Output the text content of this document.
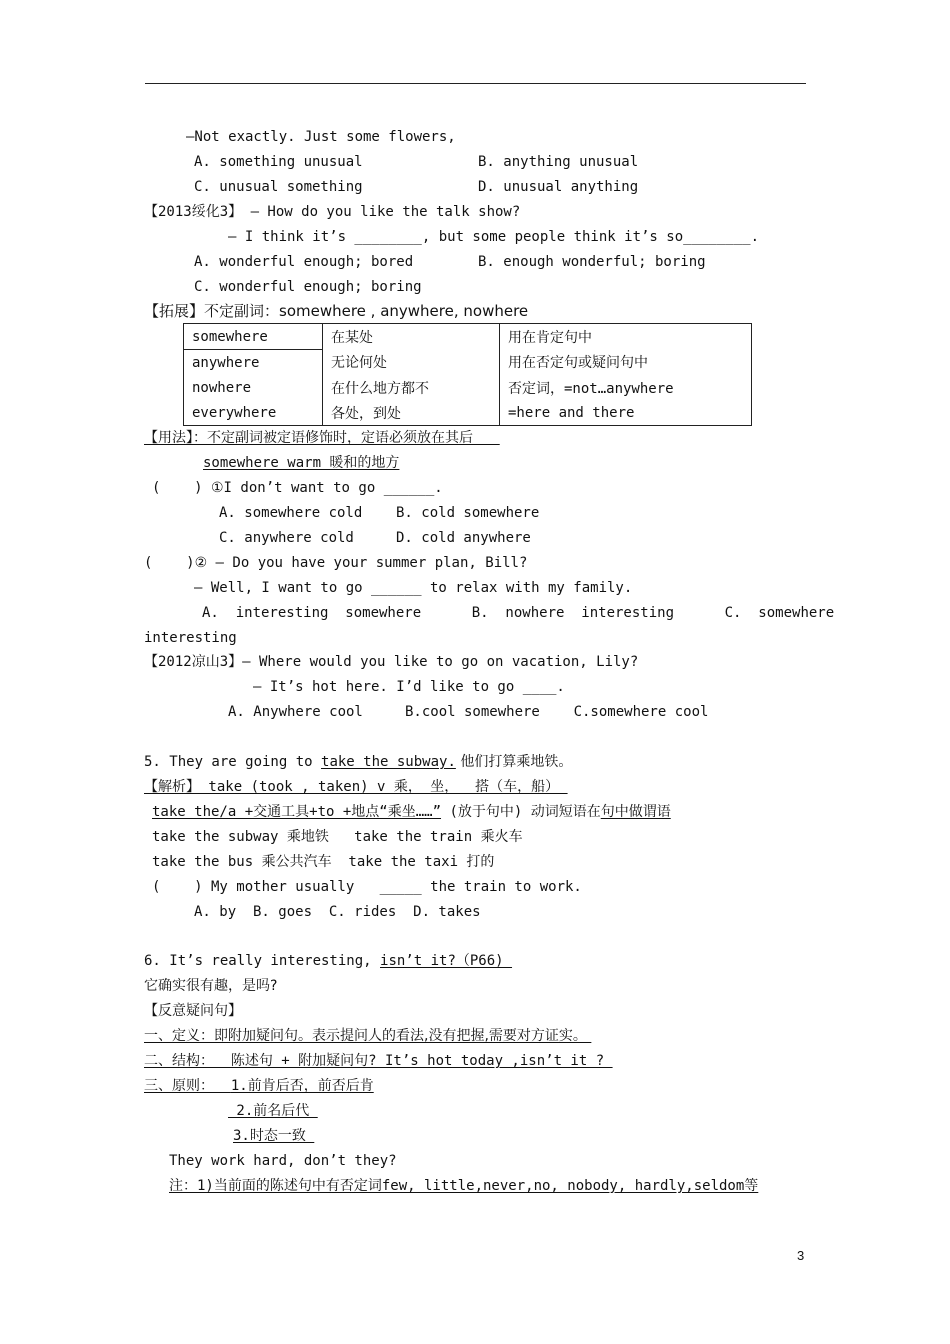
—Not exactly. Just some flowers,
A. something unusual	B. anything unusual
C. unusual something	D. unusual anything
【2013绥化3】 — How do you like the talk show?
— I think it’s ________, but some people think it’s so________.
A. wonderful enough; bored	B. enough wonderful; boring
C. wonderful enough; boring
【拓展】不定副词：somewhere , anywhere, nowhere
somewhere	在某处	用在肯定句中
anywhere	无论何处	用在否定句或疑问句中
nowhere	在什么地方都不	否定词，=not…anywhere
everywhere	各处，到处	=here and there
【用法】：不定副词被定语修饰时，定语必须放在其后
somewhere warm 暖和的地方
(    ) ①I don’t want to go ______.
A. somewhere cold    B. cold somewhere
C. anywhere cold     D. cold anywhere
(    )② — Do you have your summer plan, Bill?
— Well, I want to go ______ to relax with my family.
A.  interesting  somewhere      B.  nowhere  interesting      C.  somewhere
interesting
【2012凉山3】— Where would you like to go on vacation, Lily?
— It’s hot here. I’d like to go ____.
A. Anywhere cool     B.cool somewhere    C.somewhere cool
5. They are going to take the subway. 他们打算乘地铁。
【解析】 take (took , taken) v 乘， 坐，  搭（车，船）
take the/a +交通工具+to +地点“乘坐……” (放于句中) 动词短语在句中做谓语
take the subway 乘地铁   take the train 乘火车
take the bus 乘公共汽车  take the taxi 打的
(    ) My mother usually   _____ the train to work.
A. by  B. goes  C. rides  D. takes
6. It’s really interesting, isn’t it?（P66)
它确实很有趣，是吗?
【反意疑问句】
一、定义：即附加疑问句。表示提问人的看法,没有把握,需要对方证实。
二、结构：  陈述句 + 附加疑问句? It’s hot today ,isn’t it ?
三、原则：  1.前肯后否，前否后肯
2.前名后代
3.时态一致
They work hard, don’t they?
注：1)当前面的陈述句中有否定词few, little,never,no, nobody, hardly,seldom等
3
